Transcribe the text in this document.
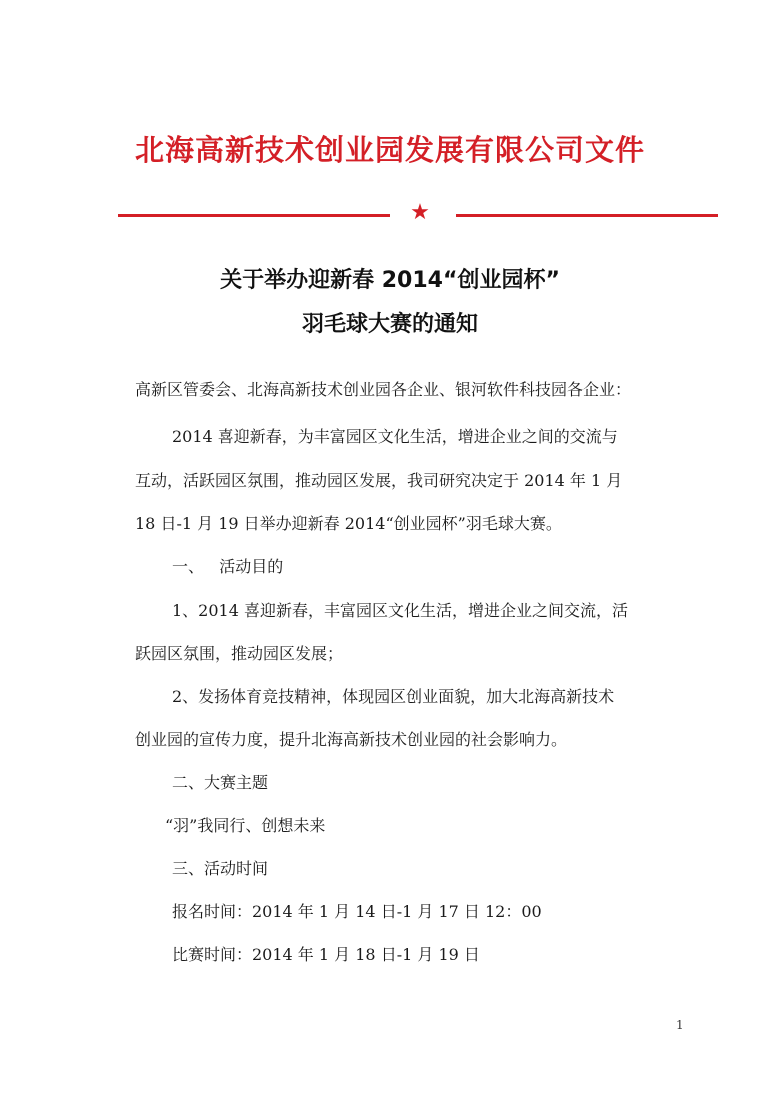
北海高新技术创业园发展有限公司文件
★
关于举办迎新春 2014“创业园杯”
羽毛球大赛的通知
高新区管委会、北海高新技术创业园各企业、银河软件科技园各企业：
2014 喜迎新春，为丰富园区文化生活，增进企业之间的交流与
互动，活跃园区氛围，推动园区发展，我司研究决定于 2014 年 1 月
18 日-1 月 19 日举办迎新春 2014“创业园杯”羽毛球大赛。
一、   活动目的
1、2014 喜迎新春，丰富园区文化生活，增进企业之间交流，活
跃园区氛围，推动园区发展；
2、发扬体育竞技精神，体现园区创业面貌，加大北海高新技术
创业园的宣传力度，提升北海高新技术创业园的社会影响力。
二、大赛主题
“羽”我同行、创想未来
三、活动时间
报名时间：2014 年 1 月 14 日-1 月 17 日 12：00
比赛时间：2014 年 1 月 18 日-1 月 19 日
1
